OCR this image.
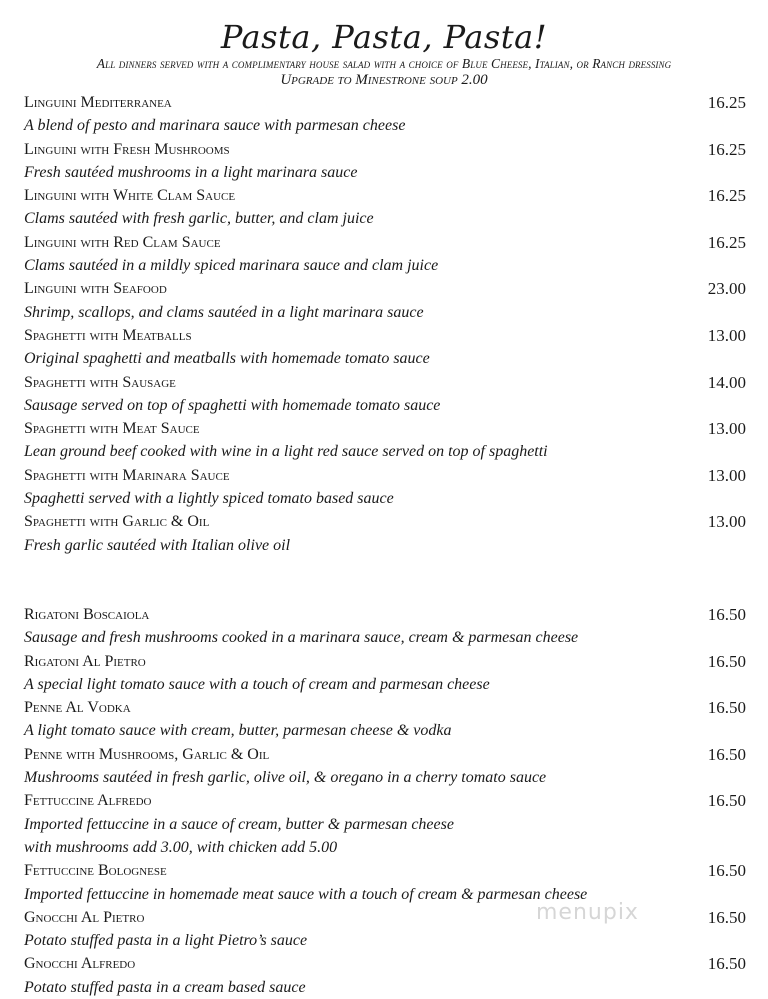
Pasta, Pasta, Pasta!
All dinners served with a complimentary house salad with a choice of Blue Cheese, Italian, or Ranch dressing
Upgrade to Minestrone soup 2.00
Linguini Mediterranea	16.25
A blend of pesto and marinara sauce with parmesan cheese
Linguini with Fresh Mushrooms	16.25
Fresh sautéed mushrooms in a light marinara sauce
Linguini with White Clam Sauce	16.25
Clams sautéed with fresh garlic, butter, and clam juice
Linguini with Red Clam Sauce	16.25
Clams sautéed in a mildly spiced marinara sauce and clam juice
Linguini with Seafood	23.00
Shrimp, scallops, and clams sautéed in a light marinara sauce
Spaghetti with Meatballs	13.00
Original spaghetti and meatballs with homemade tomato sauce
Spaghetti with Sausage	14.00
Sausage served on top of spaghetti with homemade tomato sauce
Spaghetti with Meat Sauce	13.00
Lean ground beef cooked with wine in a light red sauce served on top of spaghetti
Spaghetti with Marinara Sauce	13.00
Spaghetti served with a lightly spiced tomato based sauce
Spaghetti with Garlic & Oil	13.00
Fresh garlic sautéed with Italian olive oil
Rigatoni Boscaiola	16.50
Sausage and fresh mushrooms cooked in a marinara sauce, cream & parmesan cheese
Rigatoni Al Pietro	16.50
A special light tomato sauce with a touch of cream and parmesan cheese
Penne Al Vodka	16.50
A light tomato sauce with cream, butter, parmesan cheese & vodka
Penne with Mushrooms, Garlic & Oil	16.50
Mushrooms sautéed in fresh garlic, olive oil, & oregano in a cherry tomato sauce
Fettuccine Alfredo	16.50
Imported fettuccine in a sauce of cream, butter & parmesan cheese
with mushrooms add 3.00, with chicken add 5.00
Fettuccine Bolognese	16.50
Imported fettuccine in homemade meat sauce with a touch of cream & parmesan cheese
Gnocchi Al Pietro	16.50
Potato stuffed pasta in a light Pietro’s sauce
Gnocchi Alfredo	16.50
Potato stuffed pasta in a cream based sauce
menupix
